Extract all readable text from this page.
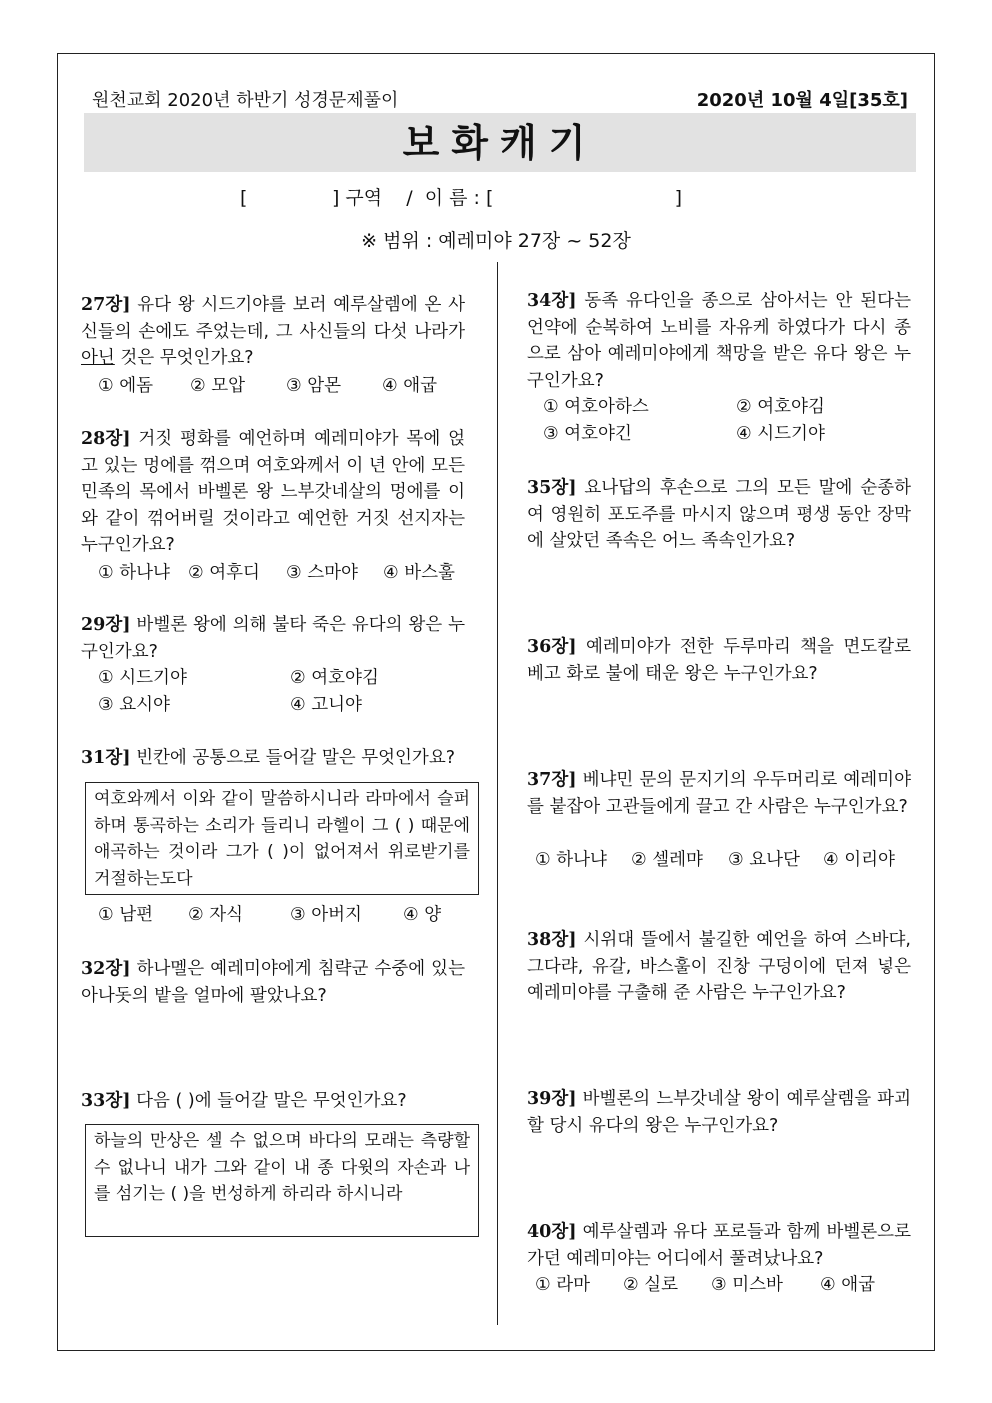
원천교회 2020년 하반기 성경문제풀이	2020년 10월 4일[35호]
보화캐기
[              ] 구역    /  이 름 : [                              ]
※ 범위 : 예레미야 27장 ~ 52장
27장] 유다 왕 시드기야를 보러 예루살렘에 온 사신들의 손에도 주었는데, 그 사신들의 다섯 나라가 아닌 것은 무엇인가요?
① 에돔 ② 모압 ③ 암몬 ④ 애굽
28장] 거짓 평화를 예언하며 예레미야가 목에 얹고 있는 멍에를 꺾으며 여호와께서 이 년 안에 모든 민족의 목에서 바벨론 왕 느부갓네살의 멍에를 이와 같이 꺾어버릴 것이라고 예언한 거짓 선지자는 누구인가요?
① 하나냐 ② 여후디 ③ 스마야 ④ 바스훌
29장] 바벨론 왕에 의해 불타 죽은 유다의 왕은 누구인가요?
① 시드기야	② 여호야김
③ 요시야	④ 고니야
31장] 빈칸에 공통으로 들어갈 말은 무엇인가요?
여호와께서 이와 같이 말씀하시니라 라마에서 슬퍼하며 통곡하는 소리가 들리니 라헬이 그 ( ) 때문에 애곡하는 것이라 그가 ( )이 없어져서 위로받기를 거절하는도다
① 남편 ② 자식	③ 아버지 ④ 양
32장] 하나멜은 예레미야에게 침략군 수중에 있는 아나돗의 밭을 얼마에 팔았나요?
33장] 다음 ( )에 들어갈 말은 무엇인가요?
하늘의 만상은 셀 수 없으며 바다의 모래는 측량할 수 없나니 내가 그와 같이 내 종 다윗의 자손과 나를 섬기는 ( )을 번성하게 하리라 하시니라
34장] 동족 유다인을 종으로 삼아서는 안 된다는 언약에 순복하여 노비를 자유케 하였다가 다시 종으로 삼아 예레미야에게 책망을 받은 유다 왕은 누구인가요?
① 여호아하스	② 여호야김
③ 여호야긴	④ 시드기야
35장] 요나답의 후손으로 그의 모든 말에 순종하여 영원히 포도주를 마시지 않으며 평생 동안 장막에 살았던 족속은 어느 족속인가요?
36장] 예레미야가 전한 두루마리 책을 면도칼로 베고 화로 불에 태운 왕은 누구인가요?
37장] 베냐민 문의 문지기의 우두머리로 예레미야를 붙잡아 고관들에게 끌고 간 사람은 누구인가요?
① 하나냐 ② 셀레먀 ③ 요나단 ④ 이리야
38장] 시위대 뜰에서 불길한 예언을 하여 스바댜, 그다랴, 유갈, 바스훌이 진창 구덩이에 던져 넣은 예레미야를 구출해 준 사람은 누구인가요?
39장] 바벨론의 느부갓네살 왕이 예루살렘을 파괴할 당시 유다의 왕은 누구인가요?
40장] 예루살렘과 유다 포로들과 함께 바벨론으로 가던 예레미야는 어디에서 풀려났나요?
① 라마 ② 실로 ③ 미스바 ④ 애굽
